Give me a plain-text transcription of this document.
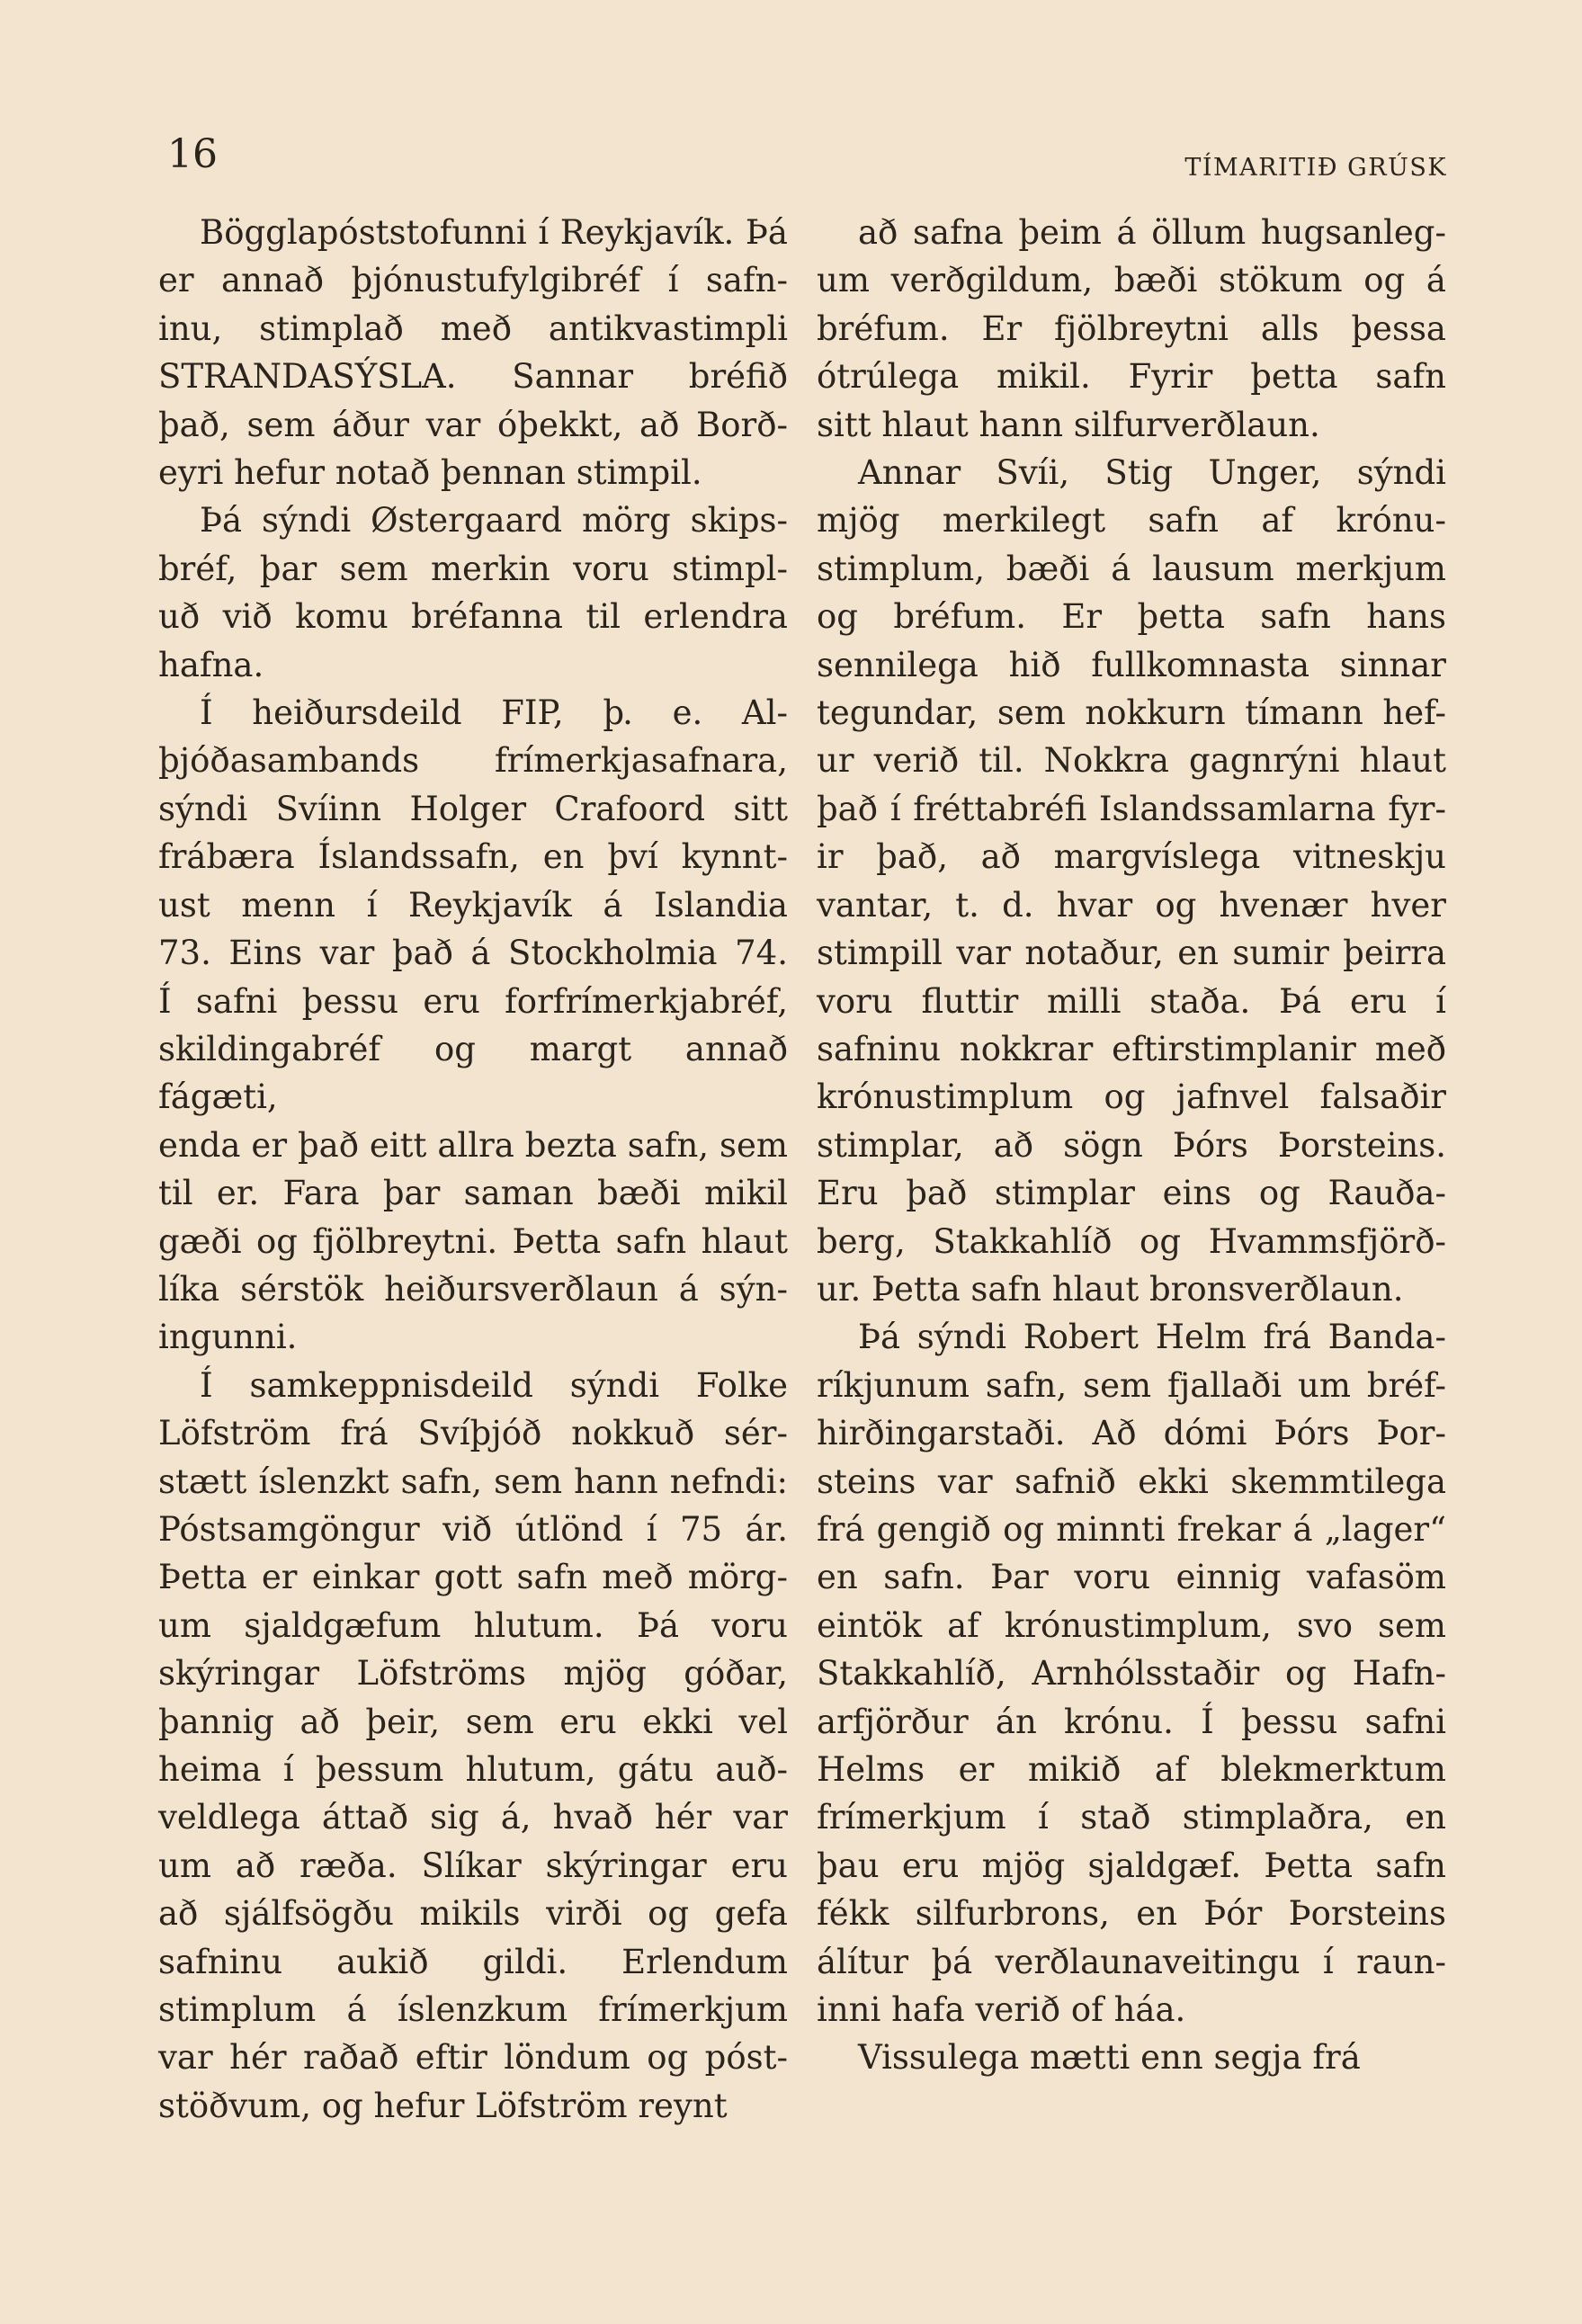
16	TÍMARITIÐ GRÚSK

Bögglapóststofunni í Reykjavík. Þá

er annað þjónustufylgibréf í safn-

inu, stimplað með antikvastimpli

STRANDASÝSLA. Sannar bréfið

það, sem áður var óþekkt, að Borð-

eyri hefur notað þennan stimpil.

Þá sýndi Østergaard mörg skips-

bréf, þar sem merkin voru stimpl-

uð við komu bréfanna til erlendra

hafna.

Í heiðursdeild FIP, þ. e. Al-

þjóðasambands frímerkjasafnara,

sýndi Svíinn Holger Crafoord sitt

frábæra Íslandssafn, en því kynnt-

ust menn í Reykjavík á Islandia

73. Eins var það á Stockholmia 74.

Í safni þessu eru forfrímerkjabréf,

skildingabréf og margt annað fágæti,

enda er það eitt allra bezta safn, sem

til er. Fara þar saman bæði mikil

gæði og fjölbreytni. Þetta safn hlaut

líka sérstök heiðursverðlaun á sýn-

ingunni.

Í samkeppnisdeild sýndi Folke

Löfström frá Svíþjóð nokkuð sér-

stætt íslenzkt safn, sem hann nefndi:

Póstsamgöngur við útlönd í 75 ár.

Þetta er einkar gott safn með mörg-

um sjaldgæfum hlutum. Þá voru

skýringar Löfströms mjög góðar,

þannig að þeir, sem eru ekki vel

heima í þessum hlutum, gátu auð-

veldlega áttað sig á, hvað hér var

um að ræða. Slíkar skýringar eru

að sjálfsögðu mikils virði og gefa

safninu aukið gildi. Erlendum

stimplum á íslenzkum frímerkjum

var hér raðað eftir löndum og póst-

stöðvum, og hefur Löfström reynt

að safna þeim á öllum hugsanleg-

um verðgildum, bæði stökum og á

bréfum. Er fjölbreytni alls þessa

ótrúlega mikil. Fyrir þetta safn

sitt hlaut hann silfurverðlaun.

Annar Svíi, Stig Unger, sýndi

mjög merkilegt safn af krónu-

stimplum, bæði á lausum merkjum

og bréfum. Er þetta safn hans

sennilega hið fullkomnasta sinnar

tegundar, sem nokkurn tímann hef-

ur verið til. Nokkra gagnrýni hlaut

það í fréttabréfi Islandssamlarna fyr-

ir það, að margvíslega vitneskju

vantar, t. d. hvar og hvenær hver

stimpill var notaður, en sumir þeirra

voru fluttir milli staða. Þá eru í

safninu nokkrar eftirstimplanir með

krónustimplum og jafnvel falsaðir

stimplar, að sögn Þórs Þorsteins.

Eru það stimplar eins og Rauða-

berg, Stakkahlíð og Hvammsfjörð-

ur. Þetta safn hlaut bronsverðlaun.

Þá sýndi Robert Helm frá Banda-

ríkjunum safn, sem fjallaði um bréf-

hirðingarstaði. Að dómi Þórs Þor-

steins var safnið ekki skemmtilega

frá gengið og minnti frekar á „lager“

en safn. Þar voru einnig vafasöm

eintök af krónustimplum, svo sem

Stakkahlíð, Arnhólsstaðir og Hafn-

arfjörður án krónu. Í þessu safni

Helms er mikið af blekmerktum

frímerkjum í stað stimplaðra, en

þau eru mjög sjaldgæf. Þetta safn

fékk silfurbrons, en Þór Þorsteins

álítur þá verðlaunaveitingu í raun-

inni hafa verið of háa.

Vissulega mætti enn segja frá
